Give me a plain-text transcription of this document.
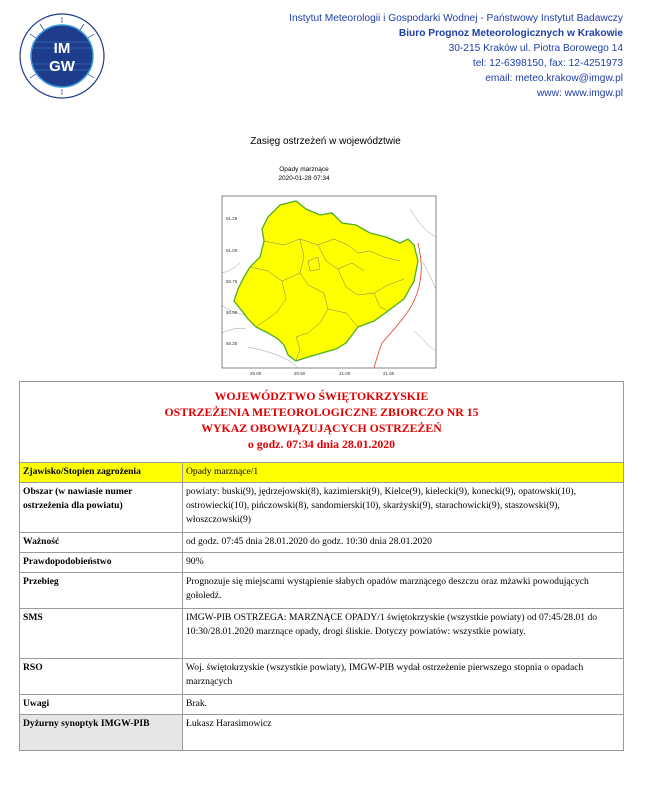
IM
GW
Instytut Meteorologii i Gospodarki Wodnej - Państwowy Instytut Badawczy
Biuro Prognoz Meteorologicznych w Krakowie
30-215 Kraków ul. Piotra Borowego 14
tel: 12-6398150, fax: 12-4251973
email: meteo.krakow@imgw.pl
www: www.imgw.pl
Zasięg ostrzeżeń w województwie
Opady marznące
2020-01-28 07:34
51.25
51.00
50.75
50.50
50.25
20.00	20.50	21.00	21.50
WOJEWÓDZTWO ŚWIĘTOKRZYSKIE
OSTRZEŻENIA METEOROLOGICZNE ZBIORCZO NR 15
WYKAZ OBOWIĄZUJĄCYCH OSTRZEŻEŃ
o godz. 07:34 dnia 28.01.2020	

Zjawisko/Stopien zagrożenia	Opady marznące/1
Obszar (w nawiasie numer ostrzeżenia dla powiatu)	powiaty: buski(9), jędrzejowski(8), kazimierski(9), Kielce(9), kielecki(9), konecki(9), opatowski(10), ostrowiecki(10), pińczowski(8), sandomierski(10), skarżyski(9), starachowicki(9), staszowski(9), włoszczowski(9)
Ważność	od godz. 07:45 dnia 28.01.2020 do godz. 10:30 dnia 28.01.2020
Prawdopodobieństwo	90%
Przebieg	Prognozuje się miejscami wystąpienie słabych opadów marznącego deszczu oraz mżawki powodujących gołoledź.
SMS	IMGW-PIB OSTRZEGA: MARZNĄCE OPADY/1 świętokrzyskie (wszystkie powiaty) od 07:45/28.01 do 10:30/28.01.2020 marznące opady, drogi śliskie. Dotyczy powiatów: wszystkie powiaty.
RSO	Woj. świętokrzyskie (wszystkie powiaty), IMGW-PIB wydał ostrzeżenie pierwszego stopnia o opadach marznących
Uwagi	Brak.
Dyżurny synoptyk IMGW-PIB	Łukasz Harasimowicz
